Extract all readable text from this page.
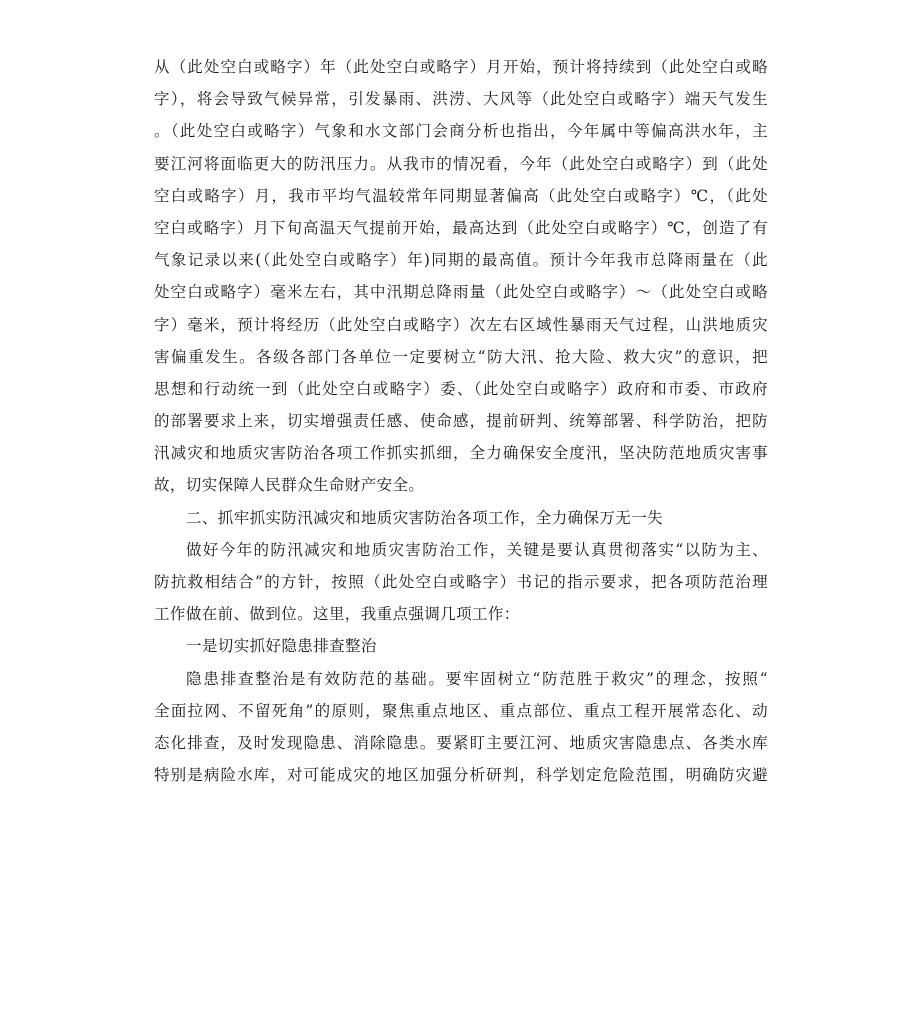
从（此处空白或略字）年（此处空白或略字）月开始，预计将持续到（此处空白或略
字），将会导致气候异常，引发暴雨、洪涝、大风等（此处空白或略字）端天气发生
。（此处空白或略字）气象和水文部门会商分析也指出，今年属中等偏高洪水年，主
要江河将面临更大的防汛压力。从我市的情况看，今年（此处空白或略字）到（此处
空白或略字）月，我市平均气温较常年同期显著偏高（此处空白或略字）℃，（此处
空白或略字）月下旬高温天气提前开始，最高达到（此处空白或略字）℃，创造了有
气象记录以来(（此处空白或略字）年)同期的最高值。预计今年我市总降雨量在（此
处空白或略字）毫米左右，其中汛期总降雨量（此处空白或略字）～（此处空白或略
字）毫米，预计将经历（此处空白或略字）次左右区域性暴雨天气过程，山洪地质灾
害偏重发生。各级各部门各单位一定要树立“防大汛、抢大险、救大灾”的意识，把
思想和行动统一到（此处空白或略字）委、（此处空白或略字）政府和市委、市政府
的部署要求上来，切实增强责任感、使命感，提前研判、统筹部署、科学防治，把防
汛减灾和地质灾害防治各项工作抓实抓细，全力确保安全度汛，坚决防范地质灾害事
故，切实保障人民群众生命财产安全。
二、抓牢抓实防汛减灾和地质灾害防治各项工作，全力确保万无一失
做好今年的防汛减灾和地质灾害防治工作，关键是要认真贯彻落实“以防为主、
防抗救相结合”的方针，按照（此处空白或略字）书记的指示要求，把各项防范治理
工作做在前、做到位。这里，我重点强调几项工作：
一是切实抓好隐患排查整治
隐患排查整治是有效防范的基础。要牢固树立“防范胜于救灾”的理念，按照“
全面拉网、不留死角”的原则，聚焦重点地区、重点部位、重点工程开展常态化、动
态化排查，及时发现隐患、消除隐患。要紧盯主要江河、地质灾害隐患点、各类水库
特别是病险水库，对可能成灾的地区加强分析研判，科学划定危险范围，明确防灾避
